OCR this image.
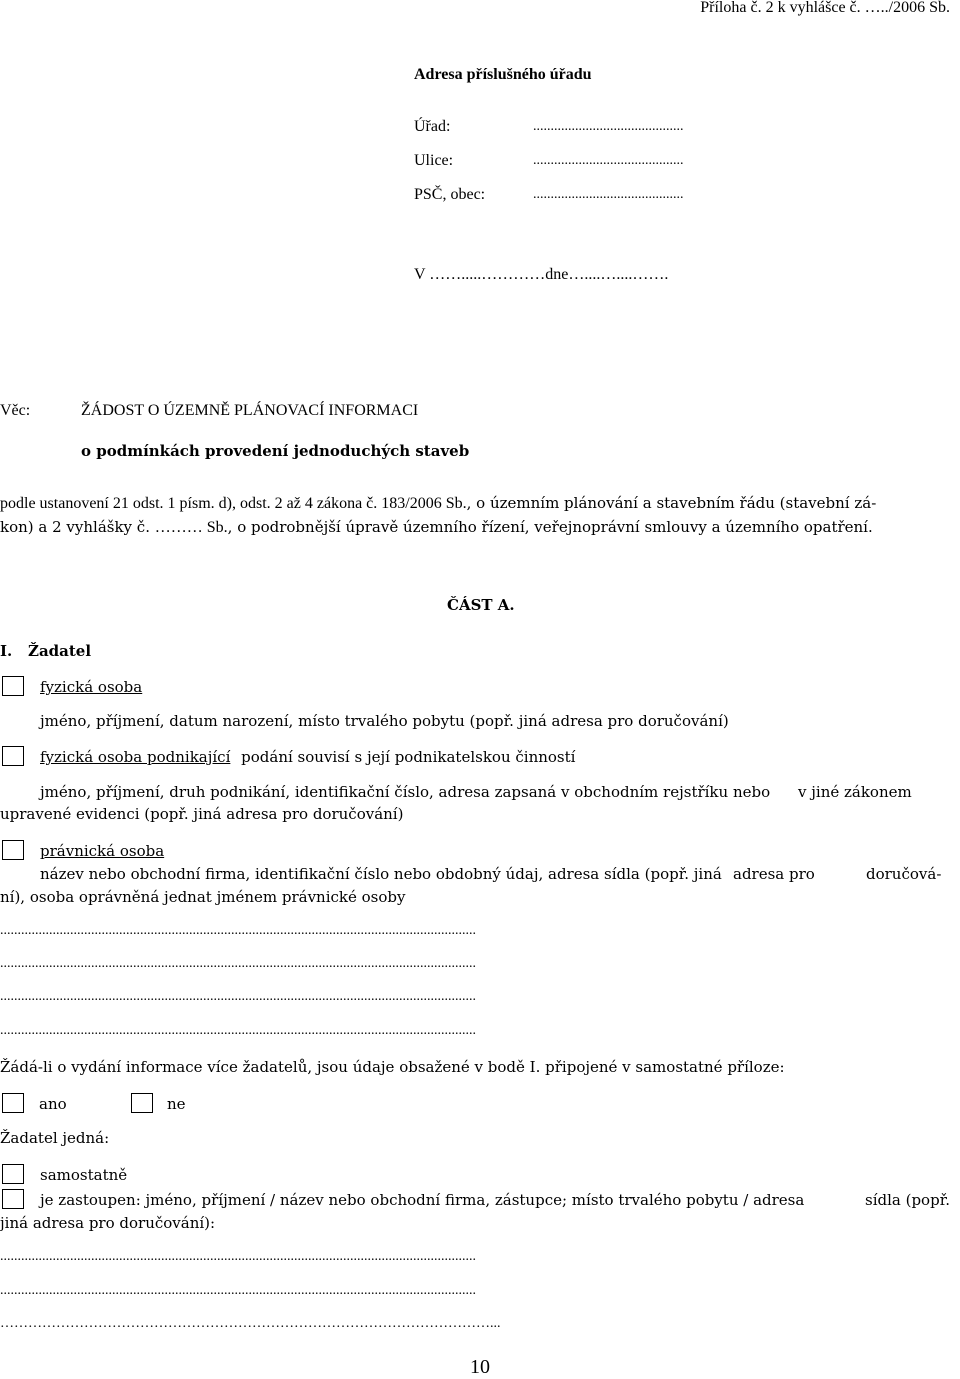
Příloha č. 2 k vyhlášce č. …../2006 Sb.
Adresa příslušného úřadu
Úřad:	...........................................
Ulice:	...........................................
PSČ, obec:	...........................................
V …….....…………dne…....…....…….
Věc:	ŽÁDOST O ÚZEMNĚ PLÁNOVACÍ INFORMACI
o podmínkách provedení jednoduchých staveb
podle ustanovení 21 odst. 1 písm. d), odst. 2 až 4 zákona č. 183/2006 Sb., o územním plánování a stavebním řádu (stavební zá-
kon) a 2 vyhlášky č. ……… Sb., o podrobnější úpravě územního řízení, veřejnoprávní smlouvy a územního opatření.
ČÁST A.
I. Žadatel
fyzická osoba
jméno, příjmení, datum narození, místo trvalého pobytu (popř. jiná adresa pro doručování)
fyzická osoba podnikající podání souvisí s její podnikatelskou činností
jméno, příjmení, druh podnikání, identifikační číslo, adresa zapsaná v obchodním rejstříku nebo v jiné zákonem
upravené evidenci (popř. jiná adresa pro doručování)
právnická osoba
název nebo obchodní firma, identifikační číslo nebo obdobný údaj, adresa sídla (popř. jiná adresa pro	doručová-
ní), osoba oprávněná jednat jménem právnické osoby
........................................................................................................................................
........................................................................................................................................
........................................................................................................................................
........................................................................................................................................
Žádá-li o vydání informace více žadatelů, jsou údaje obsažené v bodě I. připojené v samostatné příloze:
ano	ne
Žadatel jedná:
samostatně
je zastoupen: jméno, příjmení / název nebo obchodní firma, zástupce; místo trvalého pobytu / adresa	sídla (popř.
jiná adresa pro doručování):
........................................................................................................................................
........................................................................................................................................
……………………………………………………………………………………………...
10
